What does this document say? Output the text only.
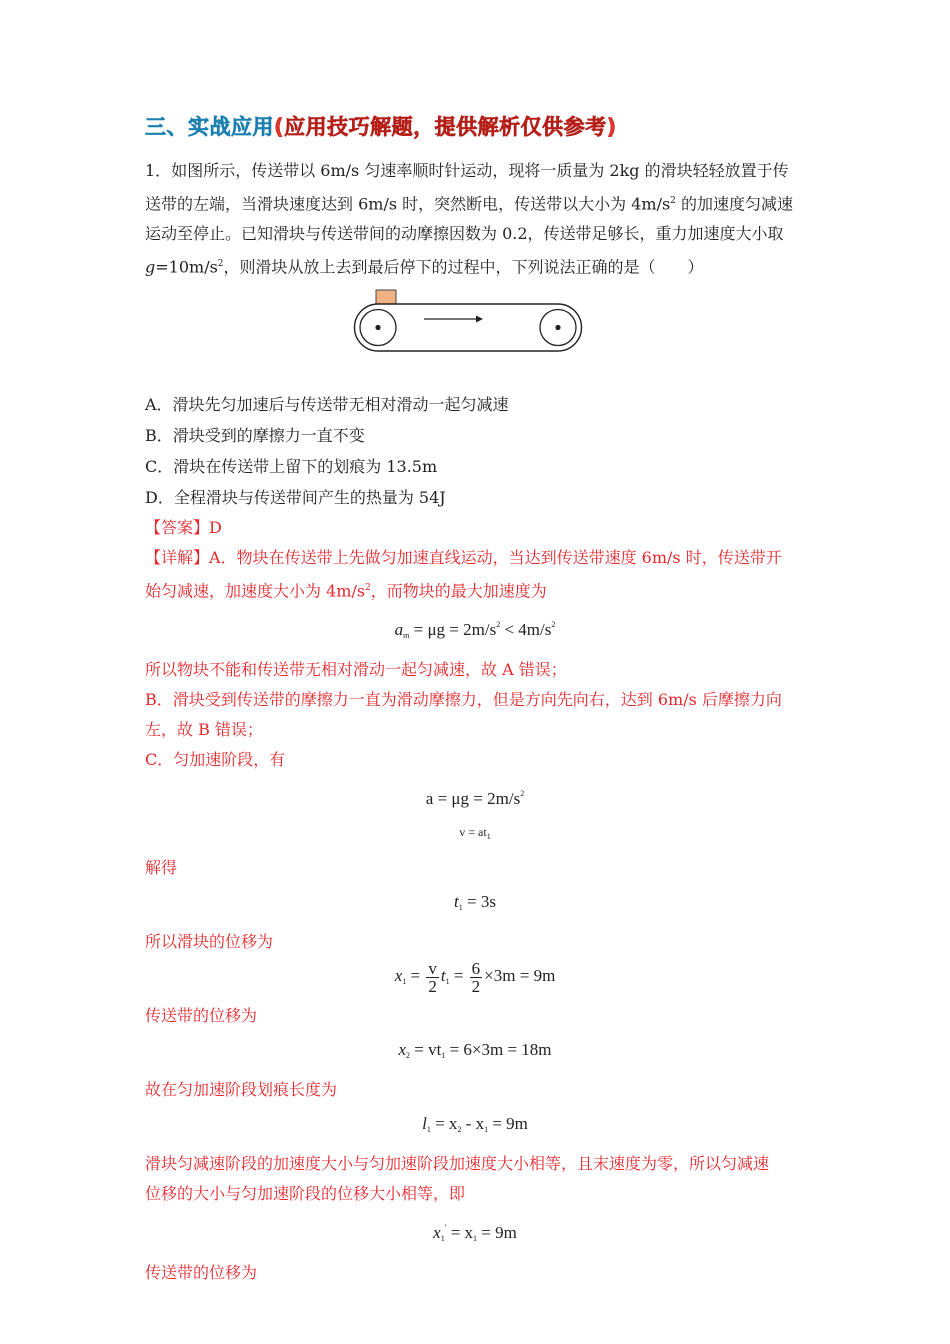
三、实战应用(应用技巧解题，提供解析仅供参考)

1．如图所示，传送带以 6m/s 匀速率顺时针运动，现将一质量为 2kg 的滑块轻轻放置于传

送带的左端，当滑块速度达到 6m/s 时，突然断电，传送带以大小为 $4m/s^2$ 的加速度匀减速

运动至停止。已知滑块与传送带间的动摩擦因数为 0.2，传送带足够长，重力加速度大小取

$g=10m/s^2$，则滑块从放上去到最后停下的过程中，下列说法正确的是（　　）

A．滑块先匀加速后与传送带无相对滑动一起匀减速

B．滑块受到的摩擦力一直不变

C．滑块在传送带上留下的划痕为 13.5m

D．全程滑块与传送带间产生的热量为 54J

【答案】D

【详解】A．物块在传送带上先做匀加速直线运动，当达到传送带速度 6m/s 时，传送带开

始匀减速，加速度大小为 $4m/s^2$，而物块的最大加速度为

$a_m = \mu g = 2m/s^2 < 4m/s^2$

所以物块不能和传送带无相对滑动一起匀减速，故 A 错误；

B．滑块受到传送带的摩擦力一直为滑动摩擦力，但是方向先向右，达到 6m/s 后摩擦力向

左，故 B 错误；

C．匀加速阶段，有

$a = \mu g = 2m/s^2$
$v = at_1$

解得

$t_1 = 3s$

所以滑块的位移为

$x_1 = \frac{v}{2} t_1 = \frac{6}{2} \times 3m = 9m$

传送带的位移为

$x_2 = vt_1 = 6\times 3m = 18m$

故在匀加速阶段划痕长度为

$l_1 = x_2 - x_1 = 9m$

滑块匀减速阶段的加速度大小与匀加速阶段加速度大小相等，且末速度为零，所以匀减速

位移的大小与匀加速阶段的位移大小相等，即

$x_1' = x_1 = 9m$

传送带的位移为
